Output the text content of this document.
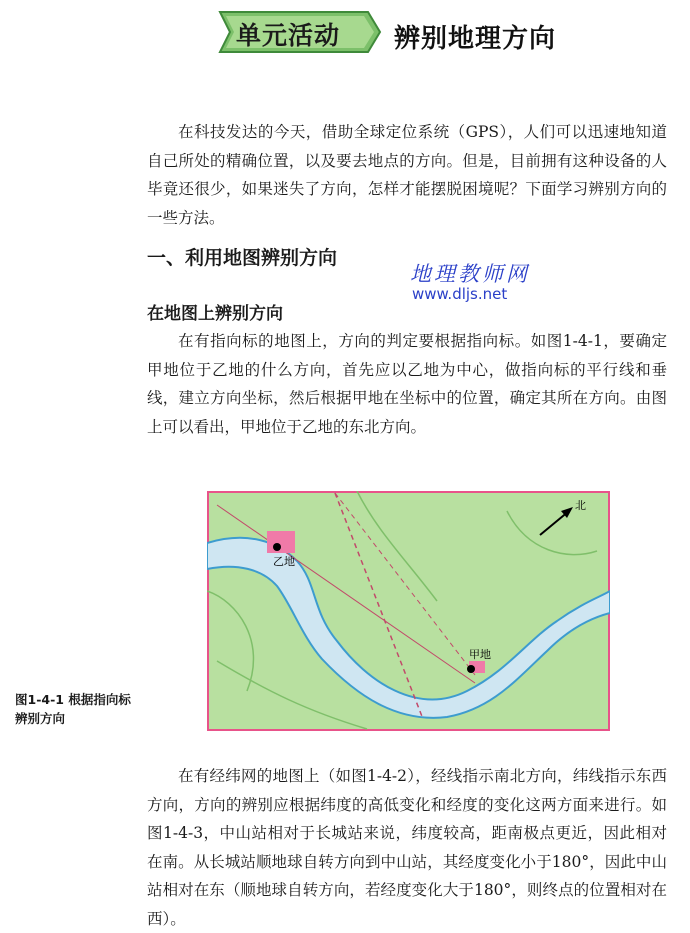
单元活动 辨别地理方向

在科技发达的今天，借助全球定位系统（GPS），人们可以迅速地知道自己所处的精确位置，以及要去地点的方向。但是，目前拥有这种设备的人毕竟还很少，如果迷失了方向，怎样才能摆脱困境呢？下面学习辨别方向的一些方法。

一、利用地图辨别方向
地理教师网
www.dljs.net
在地图上辨别方向

在有指向标的地图上，方向的判定要根据指向标。如图1-4-1，要确定甲地位于乙地的什么方向，首先应以乙地为中心，做指向标的平行线和垂线，建立方向坐标，然后根据甲地在坐标中的位置，确定其所在方向。由图上可以看出，甲地位于乙地的东北方向。

乙地
甲地
北
图1-4-1 根据指向标
辨别方向

在有经纬网的地图上（如图1-4-2），经线指示南北方向，纬线指示东西方向，方向的辨别应根据纬度的高低变化和经度的变化这两方面来进行。如图1-4-3，中山站相对于长城站来说，纬度较高，距南极点更近，因此相对在南。从长城站顺地球自转方向到中山站，其经度变化小于180°，因此中山站相对在东（顺地球自转方向，若经度变化大于180°，则终点的位置相对在西）。
